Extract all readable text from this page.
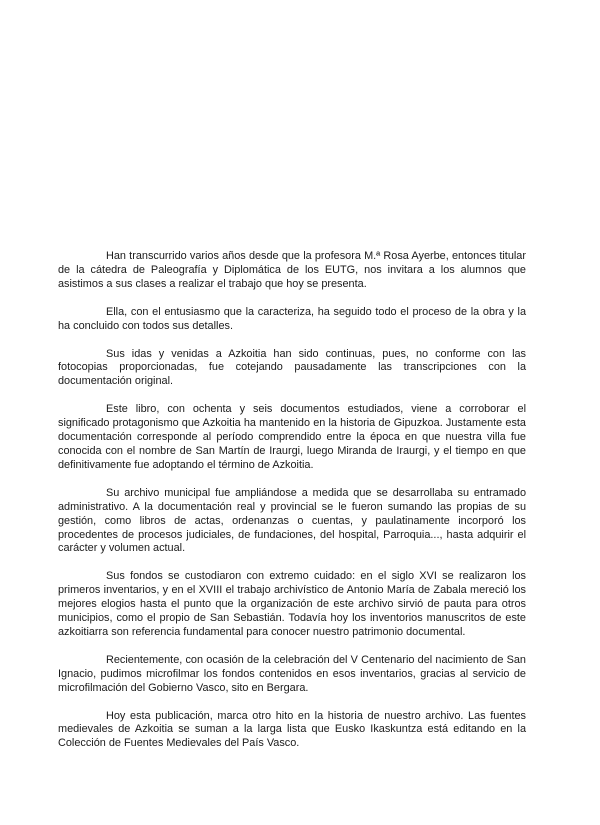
Han transcurrido varios años desde que la profesora M.ª Rosa Ayerbe, entonces titular de la cátedra de Paleografía y Diplomática de los EUTG, nos invitara a los alumnos que asistimos a sus clases a realizar el trabajo que hoy se presenta.

Ella, con el entusiasmo que la caracteriza, ha seguido todo el proceso de la obra y la ha concluido con todos sus detalles.

Sus idas y venidas a Azkoitia han sido continuas, pues, no conforme con las fotocopias proporcionadas, fue cotejando pausadamente las transcripciones con la documentación original.

Este libro, con ochenta y seis documentos estudiados, viene a corroborar el significado protagonismo que Azkoitia ha mantenido en la historia de Gipuzkoa. Justamente esta documentación corresponde al período comprendido entre la época en que nuestra villa fue conocida con el nombre de San Martín de Iraurgi, luego Miranda de Iraurgi, y el tiempo en que definitivamente fue adoptando el término de Azkoitia.

Su archivo municipal fue ampliándose a medida que se desarrollaba su entramado administrativo. A la documentación real y provincial se le fueron sumando las propias de su gestión, como libros de actas, ordenanzas o cuentas, y paulatinamente incorporó los procedentes de procesos judiciales, de fundaciones, del hospital, Parroquia..., hasta adquirir el carácter y volumen actual.

Sus fondos se custodiaron con extremo cuidado: en el siglo XVI se realizaron los primeros inventarios, y en el XVIII el trabajo archivístico de Antonio María de Zabala mereció los mejores elogios hasta el punto que la organización de este archivo sirvió de pauta para otros municipios, como el propio de San Sebastián. Todavía hoy los inventorios manuscritos de este azkoitiarra son referencia fundamental para conocer nuestro patrimonio documental.

Recientemente, con ocasión de la celebración del V Centenario del nacimiento de San Ignacio, pudimos microfilmar los fondos contenidos en esos inventarios, gracias al servicio de microfilmación del Gobierno Vasco, sito en Bergara.

Hoy esta publicación, marca otro hito en la historia de nuestro archivo. Las fuentes medievales de Azkoitia se suman a la larga lista que Eusko Ikaskuntza está editando en la Colección de Fuentes Medievales del País Vasco.
